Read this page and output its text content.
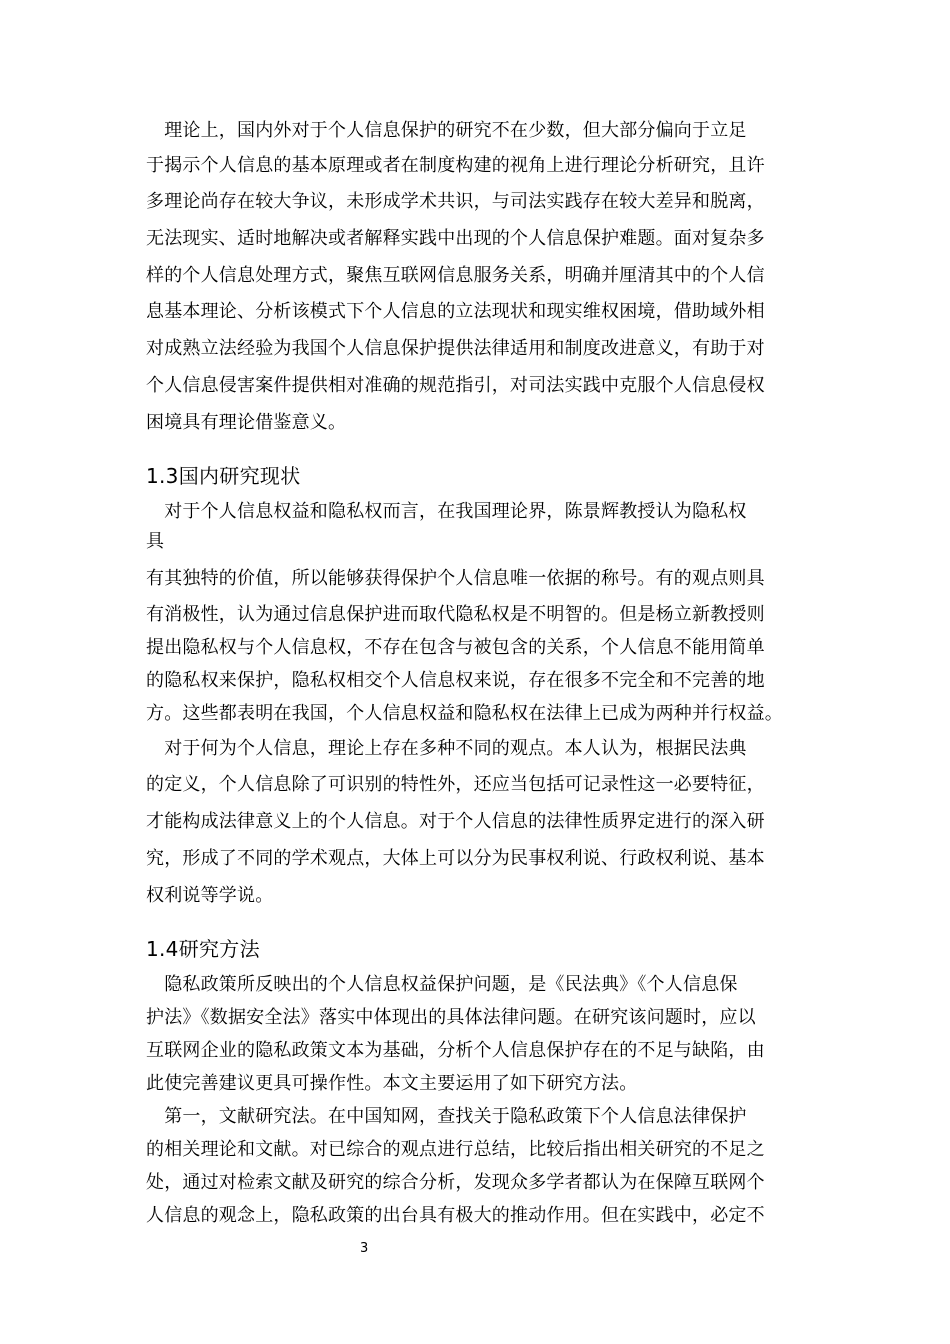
　理论上，国内外对于个人信息保护的研究不在少数，但大部分偏向于立足
于揭示个人信息的基本原理或者在制度构建的视角上进行理论分析研究，且许
多理论尚存在较大争议，未形成学术共识，与司法实践存在较大差异和脱离，
无法现实、适时地解决或者解释实践中出现的个人信息保护难题。面对复杂多
样的个人信息处理方式，聚焦互联网信息服务关系，明确并厘清其中的个人信
息基本理论、分析该模式下个人信息的立法现状和现实维权困境，借助域外相
对成熟立法经验为我国个人信息保护提供法律适用和制度改进意义，有助于对
个人信息侵害案件提供相对准确的规范指引，对司法实践中克服个人信息侵权
困境具有理论借鉴意义。
1.3国内研究现状
　对于个人信息权益和隐私权而言，在我国理论界，陈景辉教授认为隐私权
具
有其独特的价值，所以能够获得保护个人信息唯一依据的称号。有的观点则具
有消极性，认为通过信息保护进而取代隐私权是不明智的。但是杨立新教授则
提出隐私权与个人信息权，不存在包含与被包含的关系，个人信息不能用简单
的隐私权来保护，隐私权相交个人信息权来说，存在很多不完全和不完善的地
方。这些都表明在我国，个人信息权益和隐私权在法律上已成为两种并行权益。
　对于何为个人信息，理论上存在多种不同的观点。本人认为，根据民法典
的定义，个人信息除了可识别的特性外，还应当包括可记录性这一必要特征，
才能构成法律意义上的个人信息。对于个人信息的法律性质界定进行的深入研
究，形成了不同的学术观点，大体上可以分为民事权利说、行政权利说、基本
权利说等学说。
1.4研究方法
　隐私政策所反映出的个人信息权益保护问题，是《民法典》《个人信息保
护法》《数据安全法》落实中体现出的具体法律问题。在研究该问题时，应以
互联网企业的隐私政策文本为基础，分析个人信息保护存在的不足与缺陷，由
此使完善建议更具可操作性。本文主要运用了如下研究方法。
　第一，文献研究法。在中国知网，查找关于隐私政策下个人信息法律保护
的相关理论和文献。对已综合的观点进行总结，比较后指出相关研究的不足之
处，通过对检索文献及研究的综合分析，发现众多学者都认为在保障互联网个
人信息的观念上，隐私政策的出台具有极大的推动作用。但在实践中，必定不
3
